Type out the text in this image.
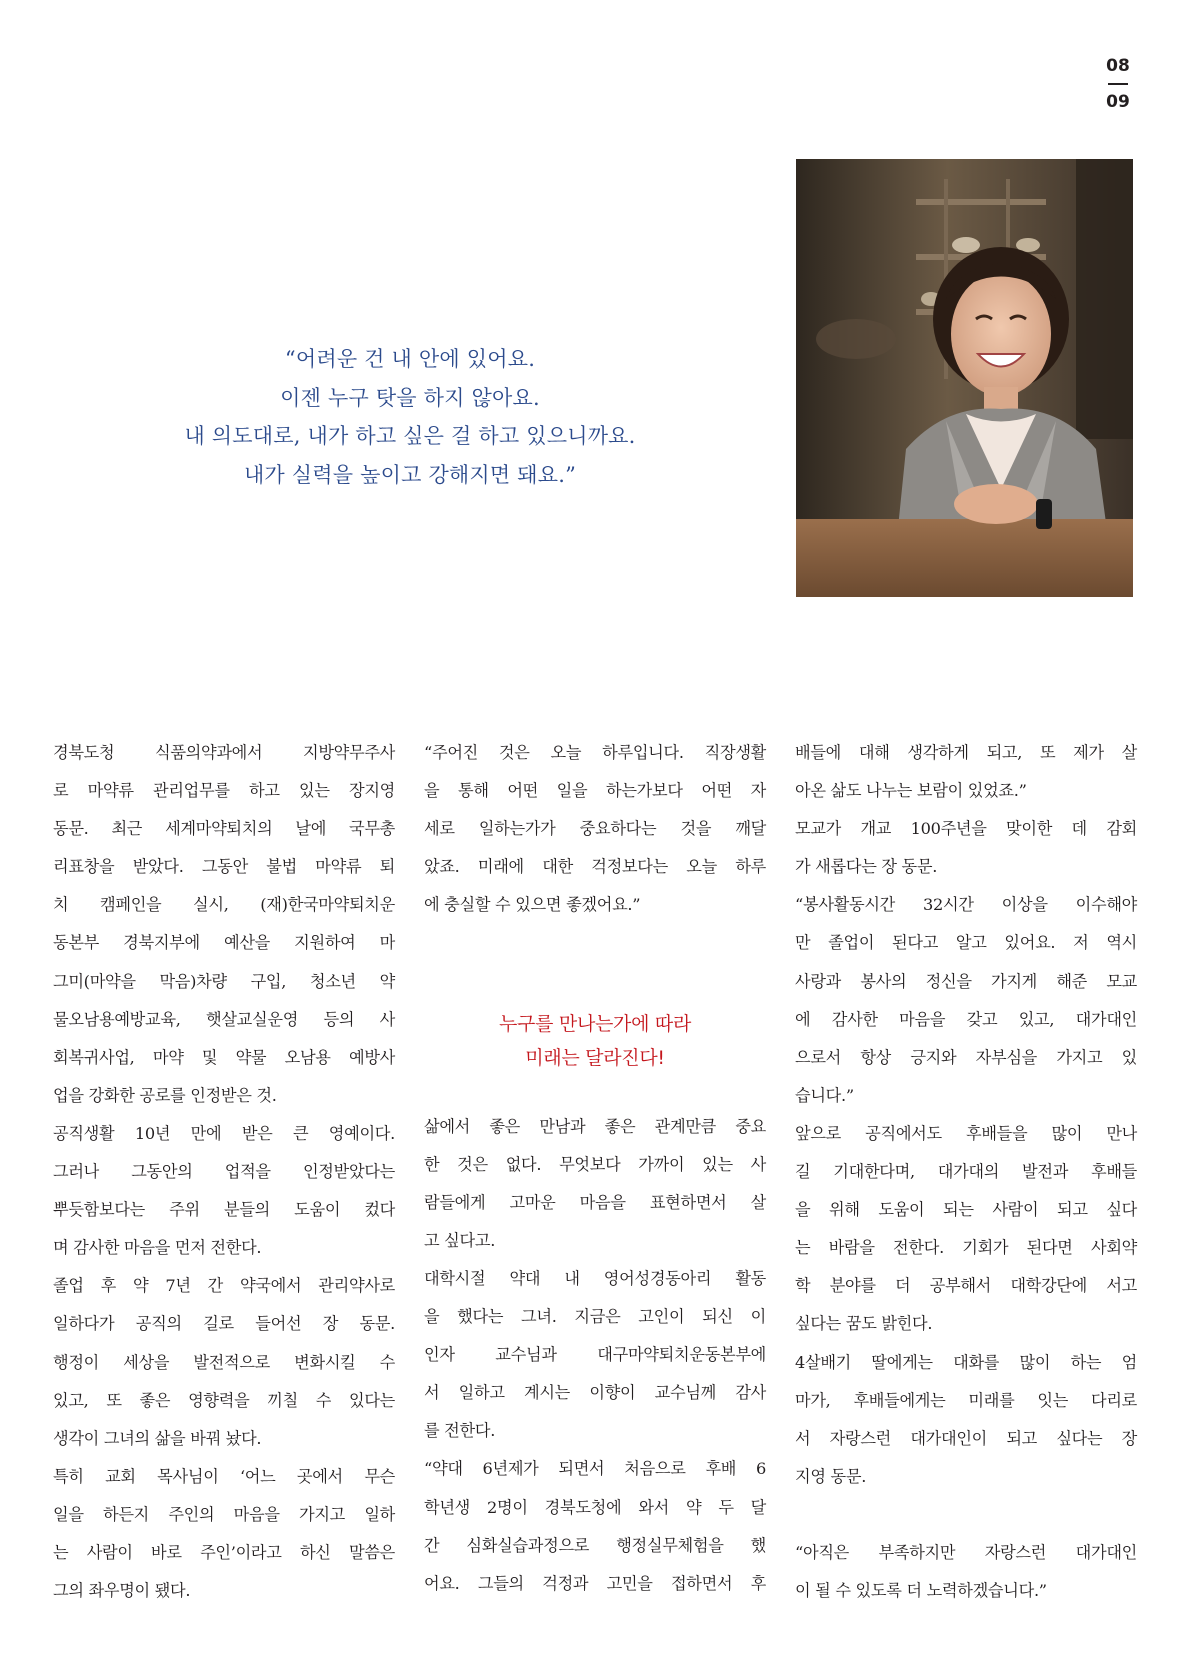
08
09
“어려운 건 내 안에 있어요.
이젠 누구 탓을 하지 않아요.
내 의도대로, 내가 하고 싶은 걸 하고 있으니까요.
내가 실력을 높이고 강해지면 돼요.”
경북도청 식품의약과에서 지방약무주사
로 마약류 관리업무를 하고 있는 장지영
동문. 최근 세계마약퇴치의 날에 국무총
리표창을 받았다. 그동안 불법 마약류 퇴
치 캠페인을 실시, (재)한국마약퇴치운
동본부 경북지부에 예산을 지원하여 마
그미(마약을 막음)차량 구입, 청소년 약
물오남용예방교육, 햇살교실운영 등의 사
회복귀사업, 마약 및 약물 오남용 예방사
업을 강화한 공로를 인정받은 것.
공직생활 10년 만에 받은 큰 영예이다.
그러나 그동안의 업적을 인정받았다는
뿌듯함보다는 주위 분들의 도움이 컸다
며 감사한 마음을 먼저 전한다.
졸업 후 약 7년 간 약국에서 관리약사로
일하다가 공직의 길로 들어선 장 동문.
행정이 세상을 발전적으로 변화시킬 수
있고, 또 좋은 영향력을 끼칠 수 있다는
생각이 그녀의 삶을 바꿔 놨다.
특히 교회 목사님이 ‘어느 곳에서 무슨
일을 하든지 주인의 마음을 가지고 일하
는 사람이 바로 주인’이라고 하신 말씀은
그의 좌우명이 됐다.
“주어진 것은 오늘 하루입니다. 직장생활
을 통해 어떤 일을 하는가보다 어떤 자
세로 일하는가가 중요하다는 것을 깨달
았죠. 미래에 대한 걱정보다는 오늘 하루
에 충실할 수 있으면 좋겠어요.”
누구를 만나는가에 따라
미래는 달라진다!
삶에서 좋은 만남과 좋은 관계만큼 중요
한 것은 없다. 무엇보다 가까이 있는 사
람들에게 고마운 마음을 표현하면서 살
고 싶다고.
대학시절 약대 내 영어성경동아리 활동
을 했다는 그녀. 지금은 고인이 되신 이
인자 교수님과 대구마약퇴치운동본부에
서 일하고 계시는 이향이 교수님께 감사
를 전한다.
“약대 6년제가 되면서 처음으로 후배 6
학년생 2명이 경북도청에 와서 약 두 달
간 심화실습과정으로 행정실무체험을 했
어요. 그들의 걱정과 고민을 접하면서 후
배들에 대해 생각하게 되고, 또 제가 살
아온 삶도 나누는 보람이 있었죠.”
모교가 개교 100주년을 맞이한 데 감회
가 새롭다는 장 동문.
“봉사활동시간 32시간 이상을 이수해야
만 졸업이 된다고 알고 있어요. 저 역시
사랑과 봉사의 정신을 가지게 해준 모교
에 감사한 마음을 갖고 있고, 대가대인
으로서 항상 긍지와 자부심을 가지고 있
습니다.”
앞으로 공직에서도 후배들을 많이 만나
길 기대한다며, 대가대의 발전과 후배들
을 위해 도움이 되는 사람이 되고 싶다
는 바람을 전한다. 기회가 된다면 사회약
학 분야를 더 공부해서 대학강단에 서고
싶다는 꿈도 밝힌다.
4살배기 딸에게는 대화를 많이 하는 엄
마가, 후배들에게는 미래를 잇는 다리로
서 자랑스런 대가대인이 되고 싶다는 장
지영 동문.
“아직은 부족하지만 자랑스런 대가대인
이 될 수 있도록 더 노력하겠습니다.”
